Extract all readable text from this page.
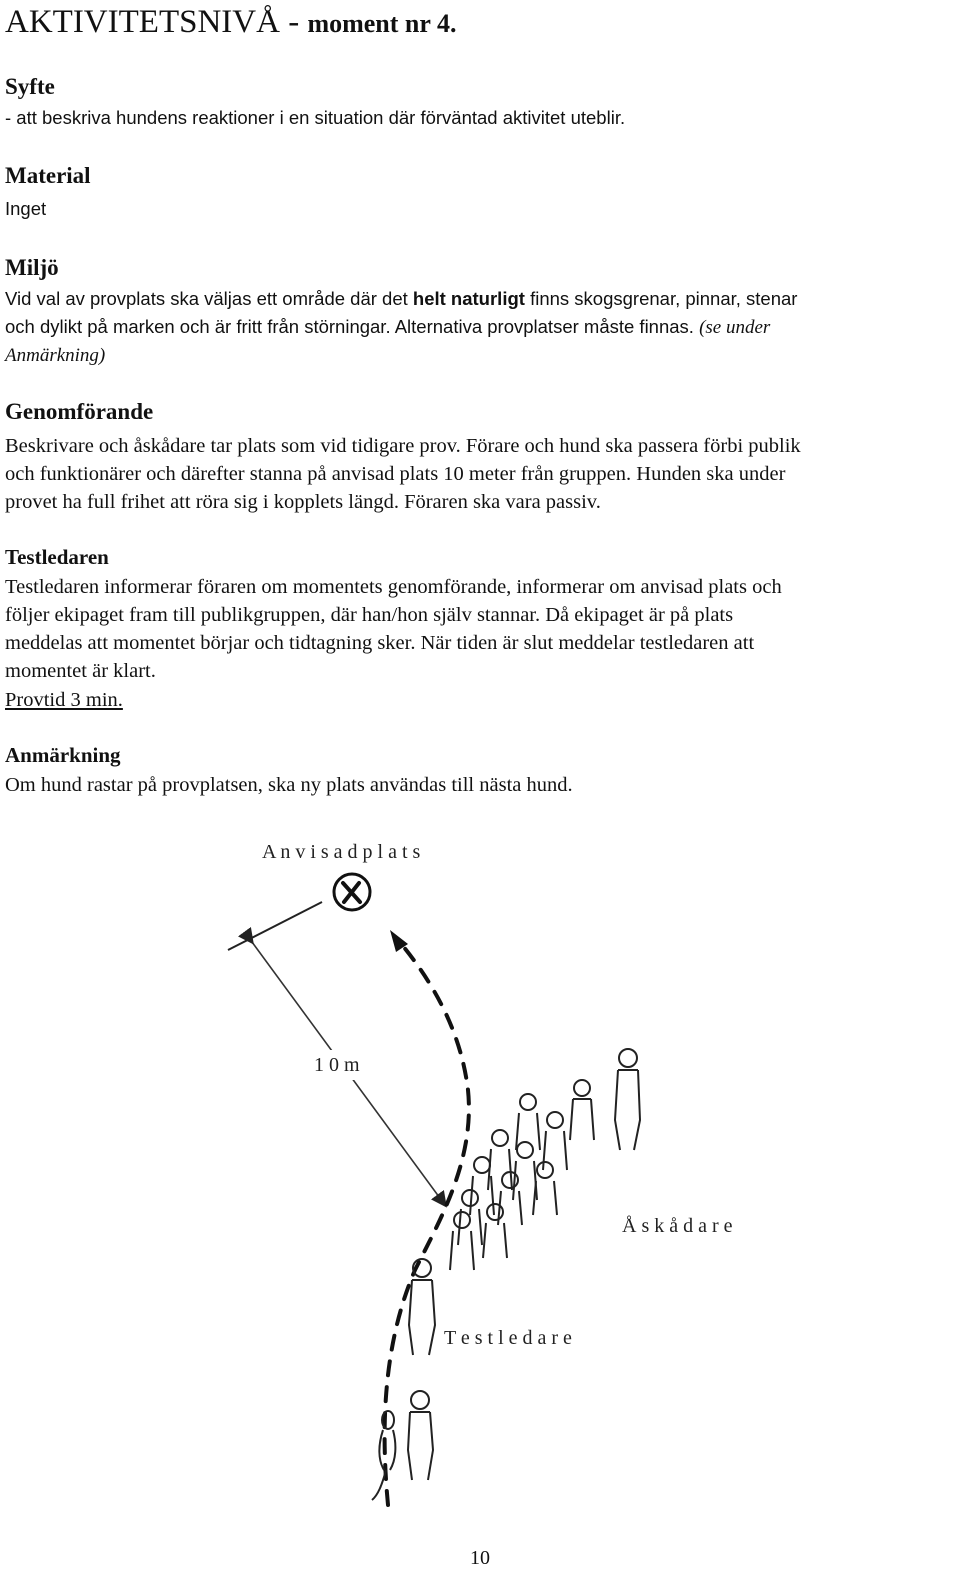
AKTIVITETSNIVÅ - moment nr 4.
Syfte
- att beskriva hundens reaktioner i en situation där förväntad aktivitet uteblir.
Material
Inget
Miljö
Vid val av provplats ska väljas ett område där det helt naturligt finns skogsgrenar, pinnar, stenar
och dylikt på marken och är fritt från störningar. Alternativa provplatser måste finnas. (se under
Anmärkning)
Genomförande
Beskrivare och åskådare tar plats som vid tidigare prov. Förare och hund ska passera förbi publik
och funktionärer och därefter stanna på anvisad plats 10 meter från gruppen. Hunden ska under
provet ha full frihet att röra sig i kopplets längd. Föraren ska vara passiv.
Testledaren
Testledaren informerar föraren om momentets genomförande, informerar om anvisad plats och
följer ekipaget fram till publikgruppen, där han/hon själv stannar. Då ekipaget är på plats
meddelas att momentet börjar och tidtagning sker. När tiden är slut meddelar testledaren att
momentet är klart.
Provtid 3 min.
Anmärkning
Om hund rastar på provplatsen, ska ny plats användas till nästa hund.
A n v i s a d p l a t s
1 0 m
Å s k å d a r e
T e s t l e d a r e
10
